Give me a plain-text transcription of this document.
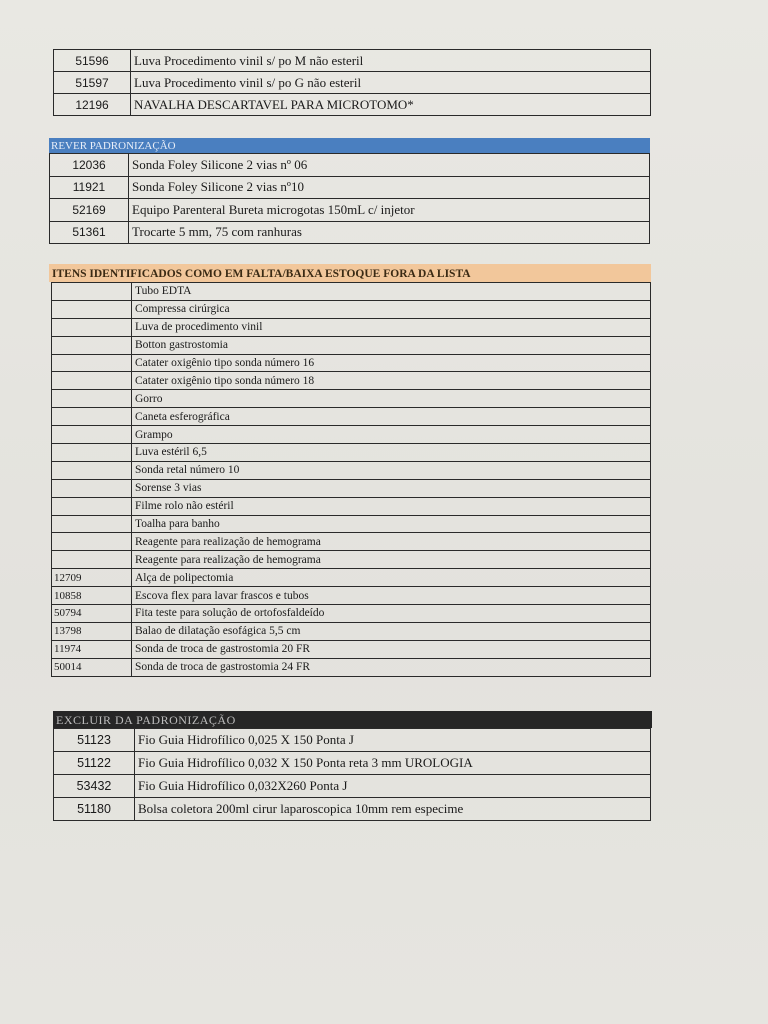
51596	Luva Procedimento vinil s/ po M não esteril
51597	Luva Procedimento vinil s/ po G não esteril
12196	NAVALHA DESCARTAVEL PARA MICROTOMO*
REVER PADRONIZAÇÃO
12036	Sonda Foley Silicone 2 vias nº 06
11921	Sonda Foley Silicone 2 vias nº10
52169	Equipo Parenteral Bureta microgotas 150mL c/ injetor
51361	Trocarte 5 mm, 75 com ranhuras
ITENS IDENTIFICADOS COMO EM FALTA/BAIXA ESTOQUE FORA DA LISTA
	Tubo EDTA
	Compressa cirúrgica
	Luva de procedimento vinil
	Botton gastrostomia
	Catater oxigênio tipo sonda número 16
	Catater oxigênio tipo sonda número 18
	Gorro
	Caneta esferográfica
	Grampo
	Luva estéril 6,5
	Sonda retal número 10
	Sorense 3 vias
	Filme rolo não estéril
	Toalha para banho
	Reagente para realização de hemograma
	Reagente para realização de hemograma
12709	Alça de polipectomia
10858	Escova flex para lavar frascos e tubos
50794	Fita teste para solução de ortofosfaldeído
13798	Balao de dilatação esofágica 5,5 cm
11974	Sonda de troca de gastrostomia 20 FR
50014	Sonda de troca de gastrostomia 24 FR
EXCLUIR DA PADRONIZAÇÃO
51123	Fio Guia Hidrofílico 0,025 X 150 Ponta J
51122	Fio Guia Hidrofílico 0,032 X 150 Ponta reta 3 mm UROLOGIA
53432	Fio Guia Hidrofílico 0,032X260 Ponta J
51180	Bolsa coletora 200ml cirur laparoscopica 10mm rem especime
